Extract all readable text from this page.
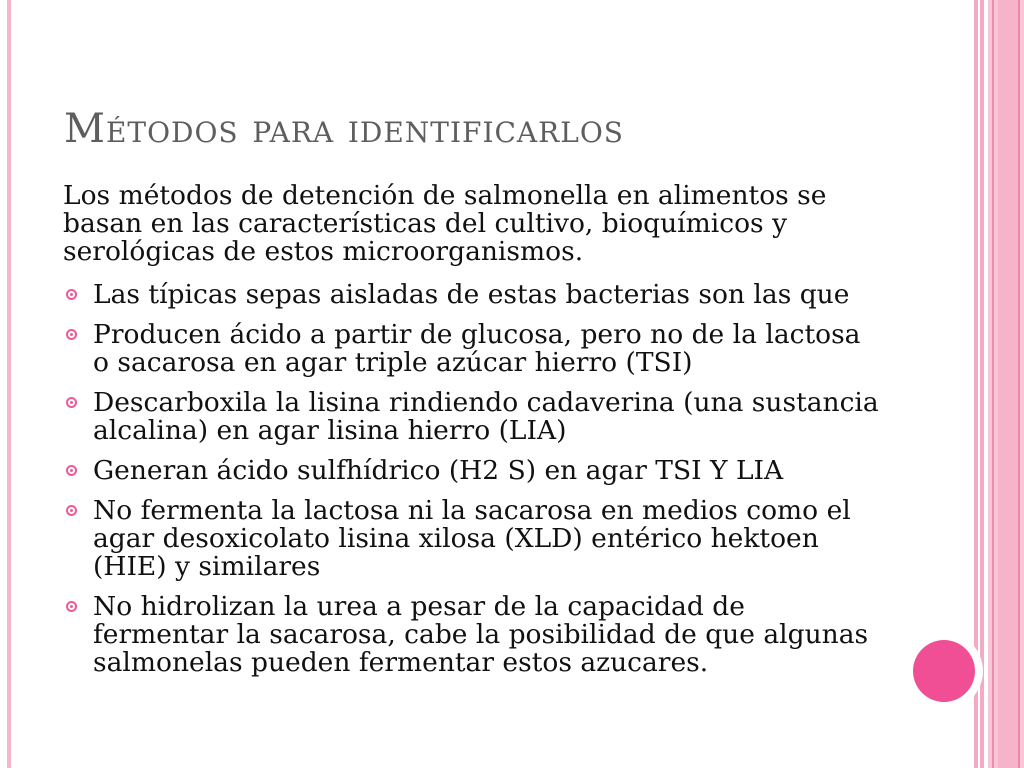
Métodos para identificarlos

Los métodos de detención de salmonella en alimentos se basan en las características del cultivo, bioquímicos y serológicas de estos microorganismos.

Las típicas sepas aisladas de estas bacterias son las que
Producen ácido a partir de glucosa, pero no de la lactosa o sacarosa en agar triple azúcar hierro (TSI)
Descarboxila la lisina rindiendo cadaverina (una sustancia alcalina) en agar lisina hierro (LIA)
Generan ácido sulfhídrico (H2 S) en agar TSI Y LIA
No fermenta la lactosa ni la sacarosa en medios como el agar desoxicolato lisina xilosa (XLD) entérico hektoen (HIE) y similares
No hidrolizan la urea a pesar de la capacidad de fermentar la sacarosa, cabe la posibilidad de que algunas salmonelas pueden fermentar estos azucares.
